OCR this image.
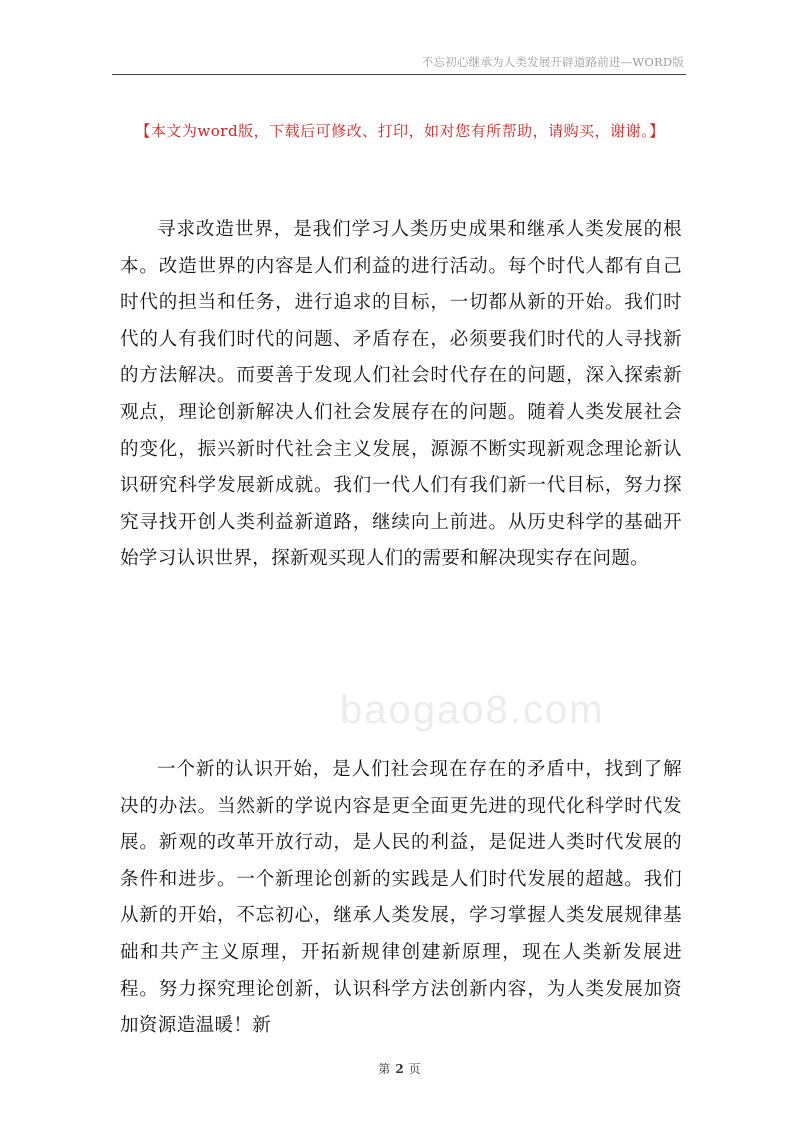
不忘初心继承为人类发展开辟道路前进—WORD版
【本文为word版，下载后可修改、打印，如对您有所帮助，请购买，谢谢。】

寻求改造世界，是我们学习人类历史成果和继承人类发展的根本。改造世界的内容是人们利益的进行活动。每个时代人都有自己时代的担当和任务，进行追求的目标，一切都从新的开始。我们时代的人有我们时代的问题、矛盾存在，必须要我们时代的人寻找新的方法解决。而要善于发现人们社会时代存在的问题，深入探索新观点，理论创新解决人们社会发展存在的问题。随着人类发展社会的变化，振兴新时代社会主义发展，源源不断实现新观念理论新认识研究科学发展新成就。我们一代人们有我们新一代目标，努力探究寻找开创人类利益新道路，继续向上前进。从历史科学的基础开始学习认识世界，探新观买现人们的需要和解决现实存在问题。

baogao8.com

一个新的认识开始，是人们社会现在存在的矛盾中，找到了解决的办法。当然新的学说内容是更全面更先进的现代化科学时代发展。新观的改革开放行动，是人民的利益，是促进人类时代发展的条件和进步。一个新理论创新的实践是人们时代发展的超越。我们从新的开始，不忘初心，继承人类发展，学习掌握人类发展规律基础和共产主义原理，开拓新规律创建新原理，现在人类新发展进程。努力探究理论创新，认识科学方法创新内容，为人类发展加资加资源造温暖！新

第 2 页
